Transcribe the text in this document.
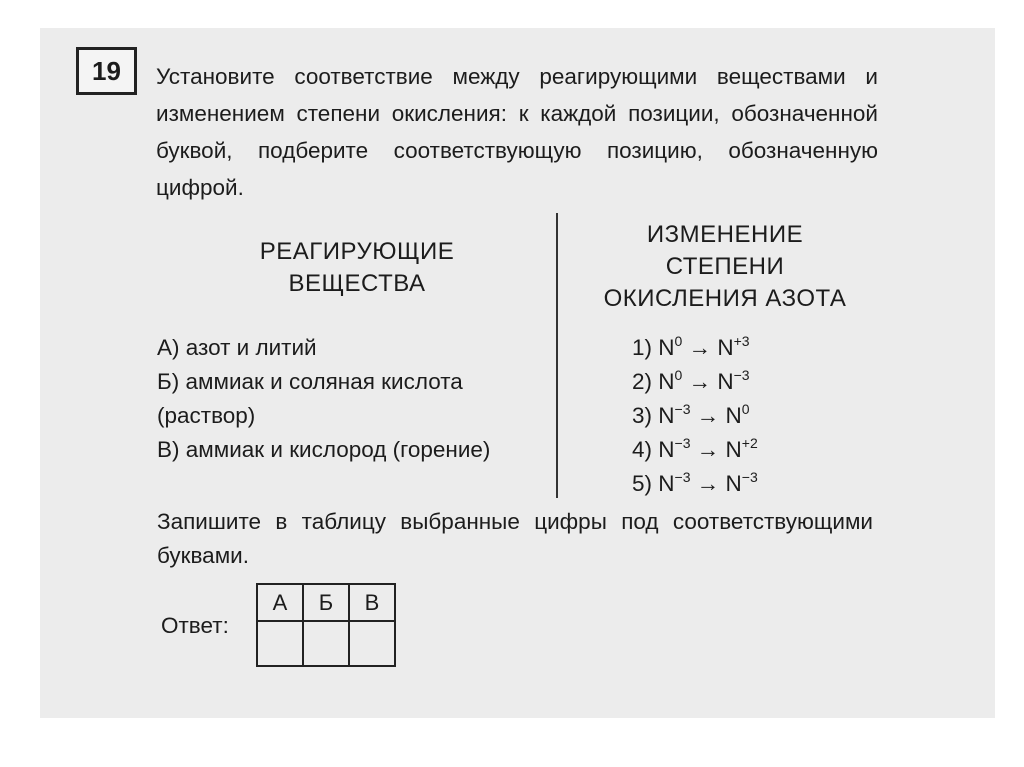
19	Установите соответствие между реагирующими веществами и изменением степени окисления: к каждой позиции, обозначенной буквой, подберите соответствующую позицию, обозначенную цифрой.
РЕАГИРУЮЩИЕ
ВЕЩЕСТВА
ИЗМЕНЕНИЕ
СТЕПЕНИ
ОКИСЛЕНИЯ АЗОТА

А) азот и литий

Б) аммиак и соляная кислота (раствор)

В) аммиак и кислород (горение)

1) $N^0 \to N^{+3}$
2) $N^0 \to N^{-3}$
3) $N^{-3} \to N^0$
4) $N^{-3} \to N^{+2}$
5) $N^{-3} \to N^{-3}$
Запишите в таблицу выбранные цифры под соответствующими буквами.
Ответ:
А	Б	В
